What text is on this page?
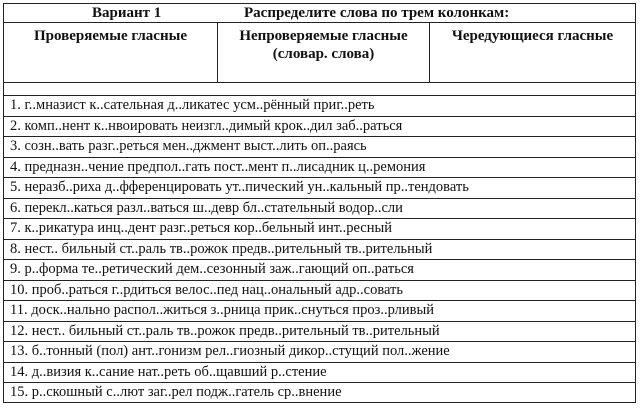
Вариант 1	Распределите слова по трем колонкам:
Проверяемые гласные	Непроверяемые гласные (словар. слова)
Чередующиеся гласные
1. г..мназист к..сательная д..ликатес усм..рённый приг..реть
2. комп..нент к..нвоировать неизгл..димый крок..дил заб..раться
3. созн..вать разг..реться мен..джмент выст..лить оп..раясь
4. предназн..чение предпол..гать пост..мент п..лисадник ц..ремония
5. неразб..риха д..фференцировать ут..пический ун..кальный пр..тендовать
6. перекл..каться разл..ваться ш..девр бл..стательный водор..сли
7. к..рикатура инц..дент разг..реться кор..бельный инт..ресный
8. нест.. бильный ст..раль тв..рожок предв..рительный тв..рительный
9. р..форма те..ретический дем..сезонный заж..гающий оп..раться
10. проб..раться г..рдиться велос..пед нац..ональный адр..совать
11. доск..нально распол..житься з..рница прик..снуться проз..рливый
12. нест.. бильный ст..раль тв..рожок предв..рительный тв..рительный
13. б..тонный (пол) ант..гонизм рел..гиозный дикор..стущий пол..жение
14. д..визия к..сание нат..реть об..щавший р..стение
15. р..скошный с..лют заг..рел подж..гатель ср..внение
